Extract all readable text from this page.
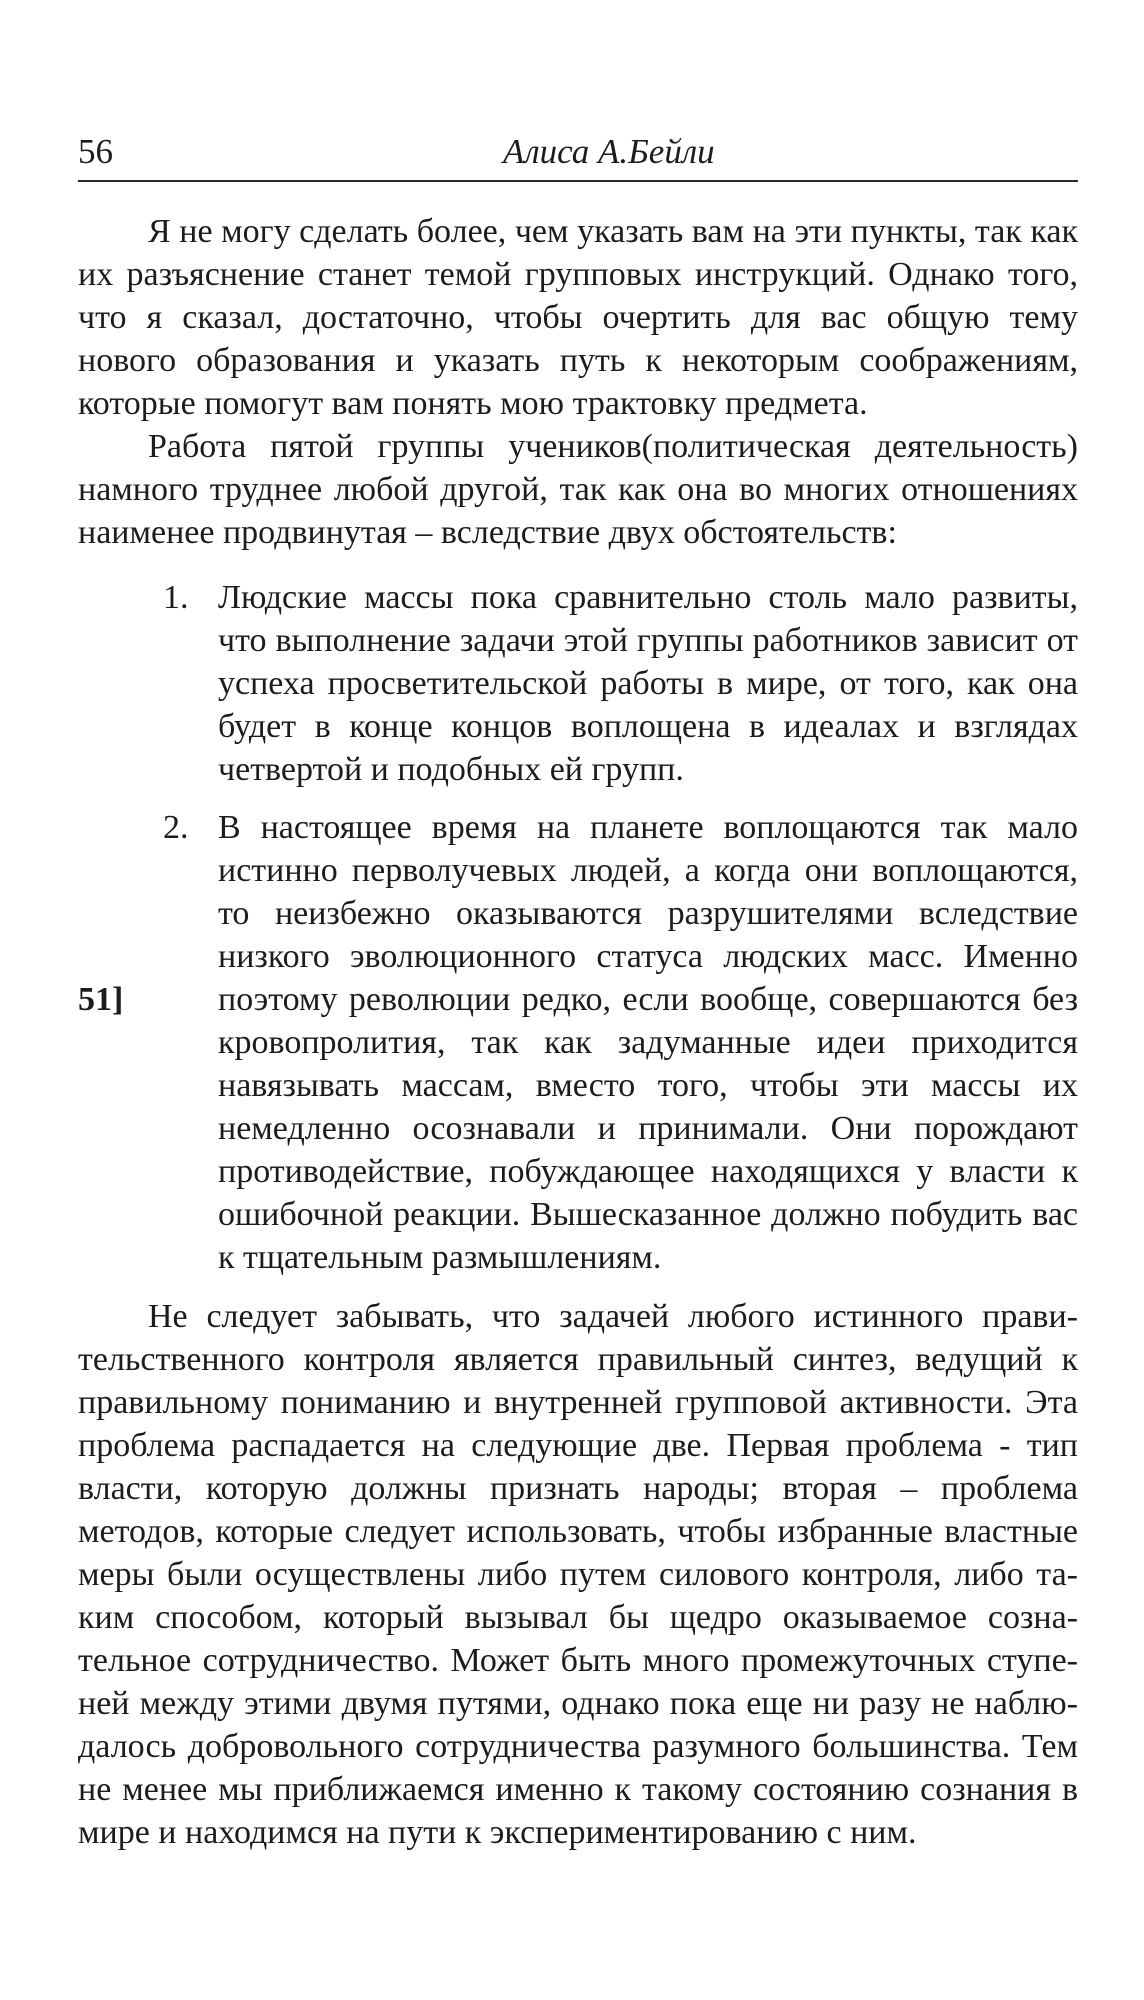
56	Алиса А.Бейли

Я не могу сделать более, чем указать вам на эти пункты, так как их разъяснение станет темой групповых инструкций. Однако того, что я сказал, достаточно, чтобы очертить для вас общую тему нового образования и указать путь к некоторым соображениям, которые помогут вам понять мою трактовку предмета.

Работа пятой группы учеников(политическая деятельность) намного труднее любой другой, так как она во многих отношениях наименее продвинутая – вследствие двух обстоятельств:

1. Людские массы пока сравнительно столь мало развиты, что выполнение задачи этой группы работников зависит от успеха просветительской работы в мире, от того, как она будет в конце концов воплощена в идеалах и взглядах четвертой и подобных ей групп.

2. В настоящее время на планете воплощаются так мало истинно перволучевых людей, а когда они воплощаются, то неизбежно оказываются разрушителями вследствие низкого эволюционного статуса людских масс. Именно поэтому революции редко, если вообще, совершаются без кровопролития, так как задуманные идеи приходится навязывать массам, вместо того, чтобы эти массы их немедленно осознавали и принимали. Они порождают противодействие, побуждающее находящихся у власти к ошибочной реакции. Вышесказанное должно побудить вас к тщательным размышлениям.

51]

Не следует забывать, что задачей любого истинного правительственного контроля является правильный синтез, ведущий к правильному пониманию и внутренней групповой активности. Эта проблема распадается на следующие две. Первая проблема - тип власти, которую должны признать народы; вторая – проблема методов, которые следует использовать, чтобы избранные властные меры были осуществлены либо путем силового контроля, либо таким способом, который вызывал бы щедро оказываемое сознательное сотрудничество. Может быть много промежуточных ступеней между этими двумя путями, однако пока еще ни разу не наблюдалось добровольного сотрудничества разумного большинства. Тем не менее мы приближаемся именно к такому состоянию сознания в мире и находимся на пути к экспериментированию с ним.
